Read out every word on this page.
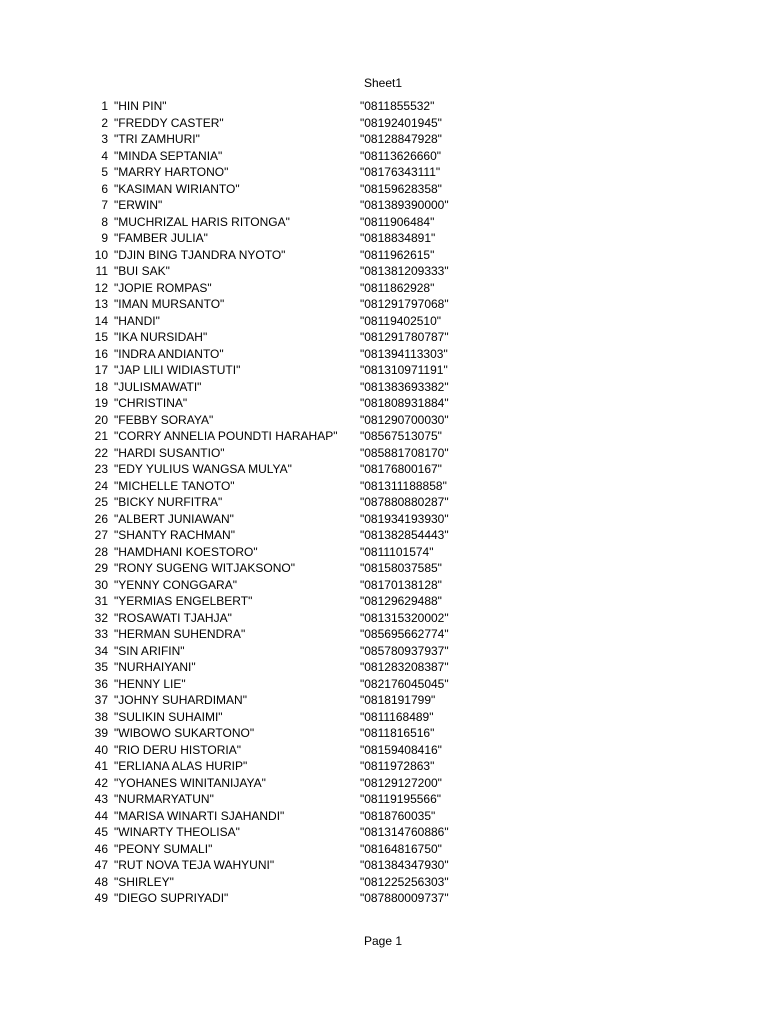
Sheet1
1 "HIN PIN"	"0811855532"
2 "FREDDY CASTER"	"08192401945"
3 "TRI ZAMHURI"	"08128847928"
4 "MINDA SEPTANIA"	"08113626660"
5 "MARRY HARTONO"	"08176343111"
6 "KASIMAN WIRIANTO"	"08159628358"
7 "ERWIN"	"081389390000"
8 "MUCHRIZAL HARIS RITONGA"	"0811906484"
9 "FAMBER JULIA"	"0818834891"
10 "DJIN BING TJANDRA NYOTO"	"0811962615"
11 "BUI SAK"	"081381209333"
12 "JOPIE ROMPAS"	"0811862928"
13 "IMAN MURSANTO"	"081291797068"
14 "HANDI"	"08119402510"
15 "IKA NURSIDAH"	"081291780787"
16 "INDRA ANDIANTO"	"081394113303"
17 "JAP LILI WIDIASTUTI"	"081310971191"
18 "JULISMAWATI"	"081383693382"
19 "CHRISTINA"	"081808931884"
20 "FEBBY SORAYA"	"081290700030"
21 "CORRY ANNELIA POUNDTI HARAHAP" "08567513075"
22 "HARDI SUSANTIO"	"085881708170"
23 "EDY YULIUS WANGSA MULYA"	"08176800167"
24 "MICHELLE TANOTO"	"081311188858"
25 "BICKY NURFITRA"	"087880880287"
26 "ALBERT JUNIAWAN"	"081934193930"
27 "SHANTY RACHMAN"	"081382854443"
28 "HAMDHANI KOESTORO"	"0811101574"
29 "RONY SUGENG WITJAKSONO"	"08158037585"
30 "YENNY CONGGARA"	"08170138128"
31 "YERMIAS ENGELBERT"	"08129629488"
32 "ROSAWATI TJAHJA"	"081315320002"
33 "HERMAN SUHENDRA"	"085695662774"
34 "SIN ARIFIN"	"085780937937"
35 "NURHAIYANI"	"081283208387"
36 "HENNY LIE"	"082176045045"
37 "JOHNY SUHARDIMAN"	"0818191799"
38 "SULIKIN SUHAIMI"	"0811168489"
39 "WIBOWO SUKARTONO"	"0811816516"
40 "RIO DERU HISTORIA"	"08159408416"
41 "ERLIANA ALAS HURIP"	"0811972863"
42 "YOHANES WINITANIJAYA"	"08129127200"
43 "NURMARYATUN"	"08119195566"
44 "MARISA WINARTI SJAHANDI"	"0818760035"
45 "WINARTY THEOLISA"	"081314760886"
46 "PEONY SUMALI"	"08164816750"
47 "RUT NOVA TEJA WAHYUNI"	"081384347930"
48 "SHIRLEY"	"081225256303"
49 "DIEGO SUPRIYADI"	"087880009737"
Page 1
